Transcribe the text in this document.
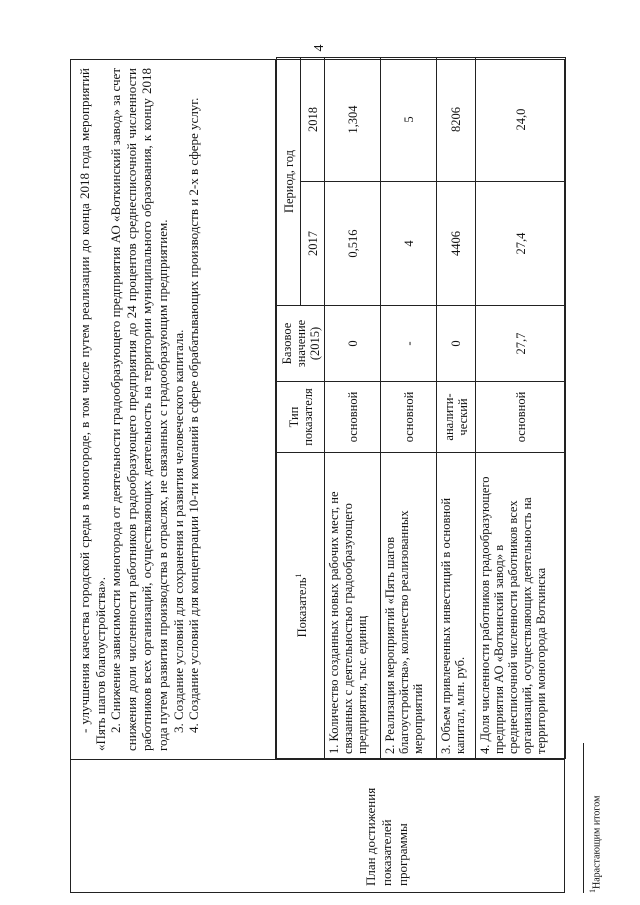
4
План достижения показателей программы

- улучшения качества городской среды в моногороде, в том числе путем реализации до конца 2018 года мероприятий «Пять шагов благоустройства». 2. Снижение зависимости моногорода от деятельности градообразующего предприятия АО «Воткинский завод» за счет снижения доли численности работников градообразующего предприятия до 24 процентов среднесписочной численности работников всех организаций, осуществляющих деятельность на территории муниципального образования, к концу 2018 года путем развития производства в отраслях, не связанных с градообразующим предприятием. 3. Создание условий для сохранения и развития человеческого капитала. 4. Создание условий для концентрации 10-ти компаний в сфере обрабатывающих производств и 2-х в сфере услуг.	Показатель$^1$	Тип показателя	Базовое значение (2015)	Период, год	
			2017	2018
1. Количество созданных новых рабочих мест, не связанных с деятельностью градообразующего предприятия, тыс. единиц	основной	0	0,516	1,304
2. Реализация мероприятий «Пять шагов благоустройства», количество реализованных мероприятий	основной	-	4	5
3. Объем привлеченных инвестиций в основной капитал, млн. руб.	аналити-ческий	0	4406	8206
4. Доля численности работников градообразующего предприятия АО «Воткинский завод» в среднесписочной численности работников всех организаций, осуществляющих деятельность на территории моногорода Воткинска	основной	27,7	27,4	24,0
$^1$Нарастающим итогом
